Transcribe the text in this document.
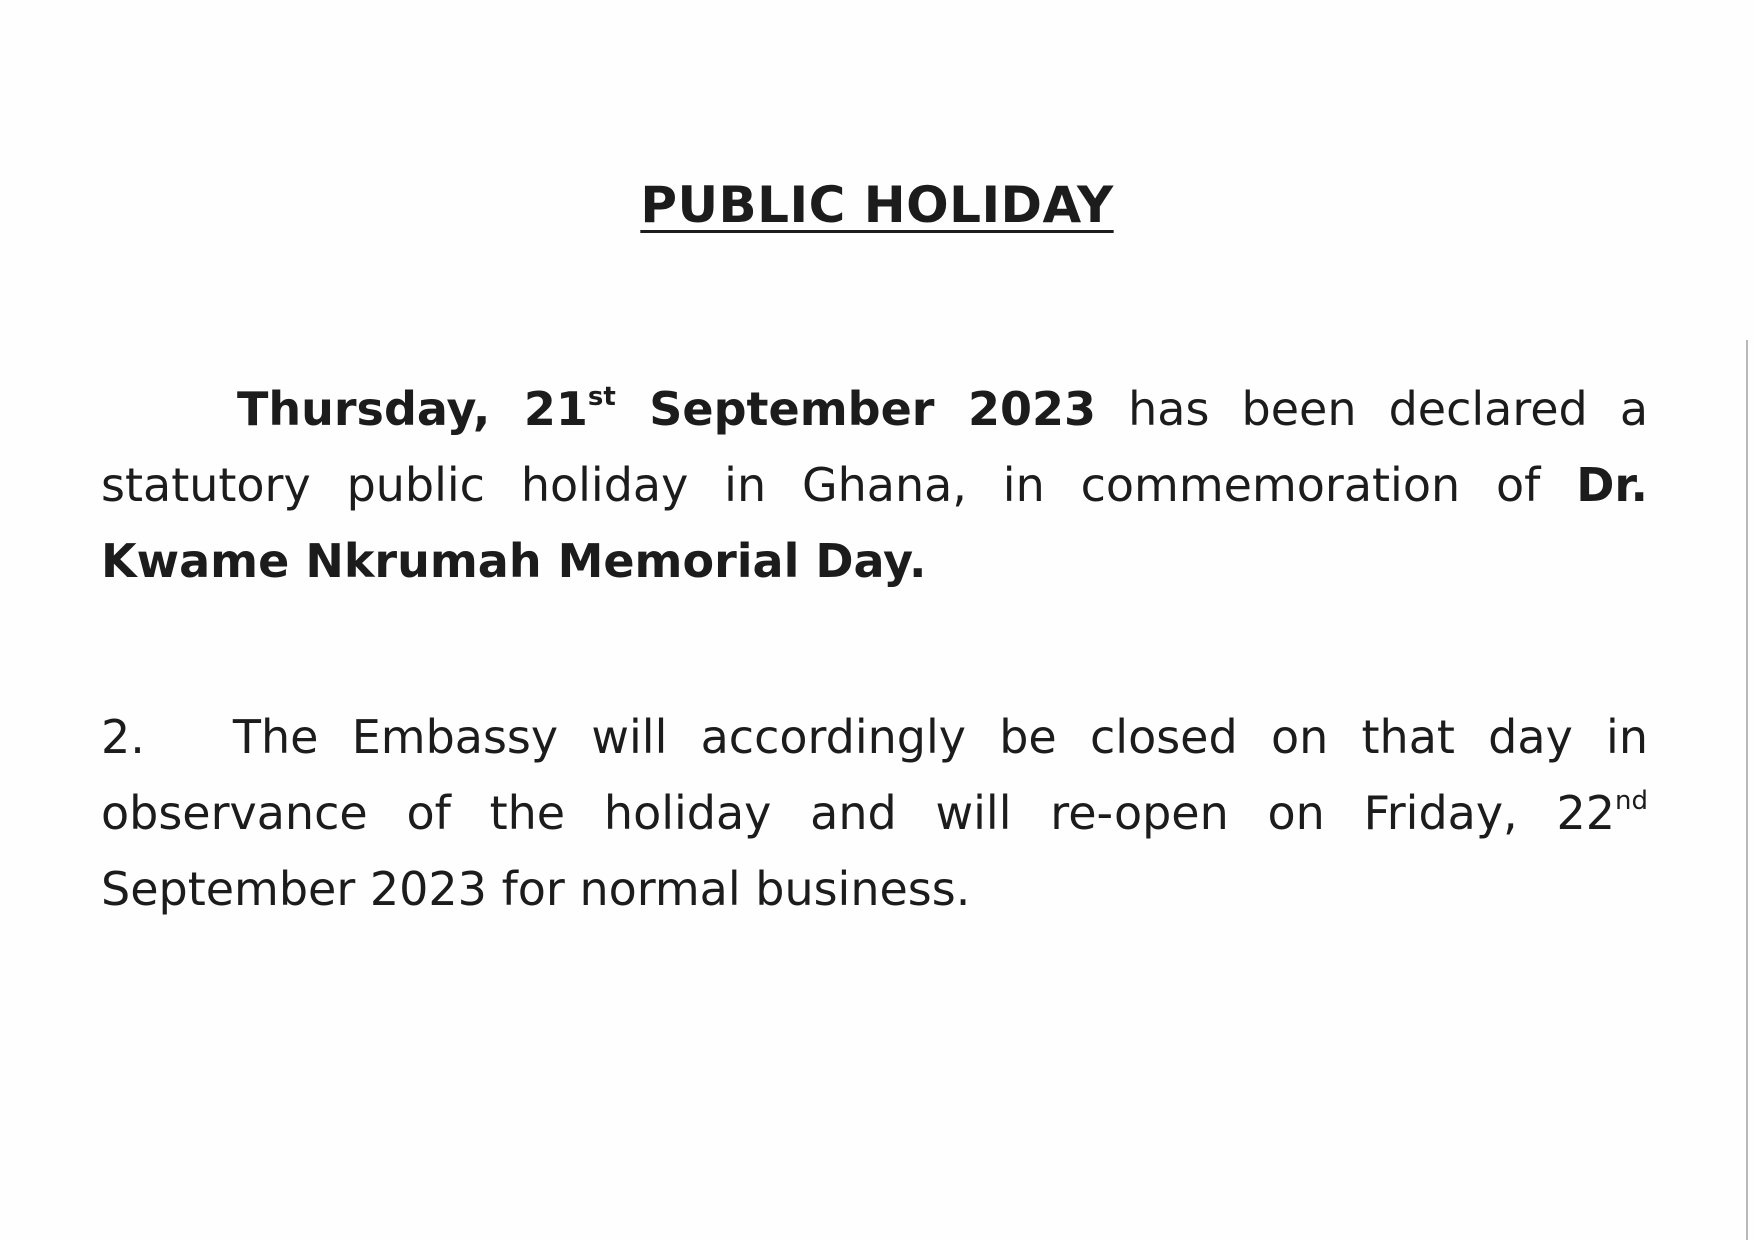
PUBLIC HOLIDAY

Thursday, 21st September 2023 has been declared a statutory public holiday in Ghana, in commemoration of Dr. Kwame Nkrumah Memorial Day.

2. The Embassy will accordingly be closed on that day in observance of the holiday and will re-open on Friday, 22nd September 2023 for normal business.
